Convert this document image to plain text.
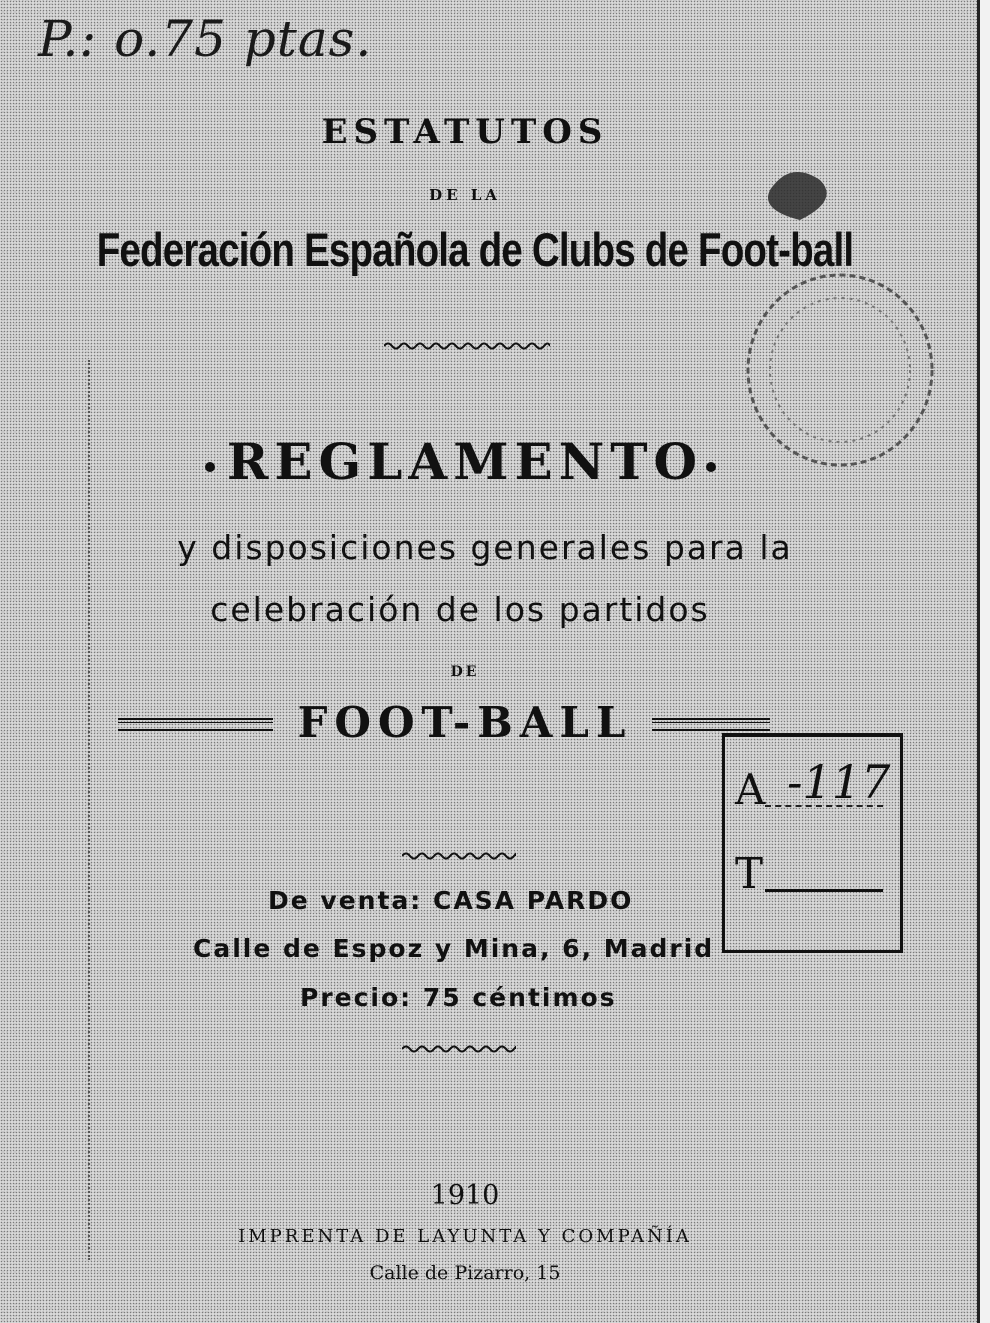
P.: o.75 ptas.
ESTATUTOS
DE LA
Federación Española de Clubs de Foot-ball
REGLAMENTO
y disposiciones generales para la
celebración de los partidos
DE
FOOT-BALL
De venta: CASA PARDO
Calle de Espoz y Mina, 6, Madrid
Precio: 75 céntimos
1910
IMPRENTA DE LAYUNTA Y COMPAÑÍA
Calle de Pizarro, 15
A -117
T
